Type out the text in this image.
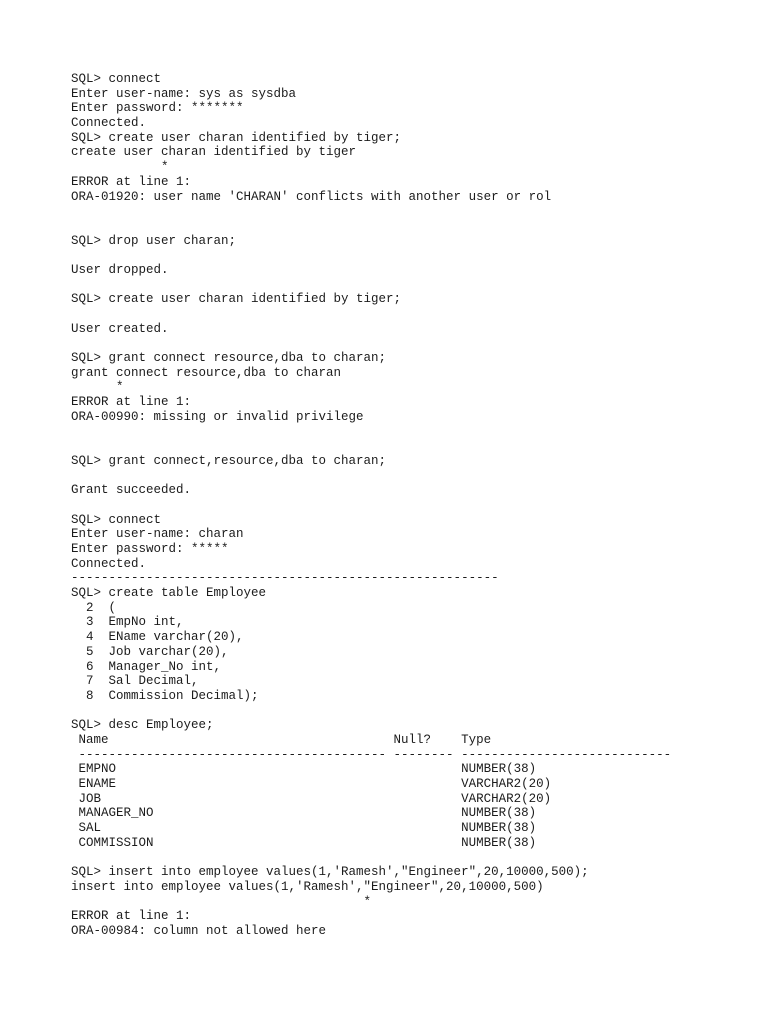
SQL> connect
Enter user-name: sys as sysdba
Enter password: *******
Connected.
SQL> create user charan identified by tiger;
create user charan identified by tiger
*
ERROR at line 1:
ORA-01920: user name 'CHARAN' conflicts with another user or rol
SQL> drop user charan;
User dropped.
SQL> create user charan identified by tiger;
User created.
SQL> grant connect resource,dba to charan;
grant connect resource,dba to charan
*
ERROR at line 1:
ORA-00990: missing or invalid privilege
SQL> grant connect,resource,dba to charan;
Grant succeeded.
SQL> connect
Enter user-name: charan
Enter password: *****
Connected.
---------------------------------------------------------
SQL> create table Employee
2  (
3  EmpNo int,
4  EName varchar(20),
5  Job varchar(20),
6  Manager_No int,
7  Sal Decimal,
8  Commission Decimal);
SQL> desc Employee;
Name                                      Null?    Type
----------------------------------------- -------- ----------------------------
EMPNO                                              NUMBER(38)
ENAME                                              VARCHAR2(20)
JOB                                                VARCHAR2(20)
MANAGER_NO                                         NUMBER(38)
SAL                                                NUMBER(38)
COMMISSION                                         NUMBER(38)
SQL> insert into employee values(1,'Ramesh',"Engineer",20,10000,500);
insert into employee values(1,'Ramesh',"Engineer",20,10000,500)
*
ERROR at line 1:
ORA-00984: column not allowed here
